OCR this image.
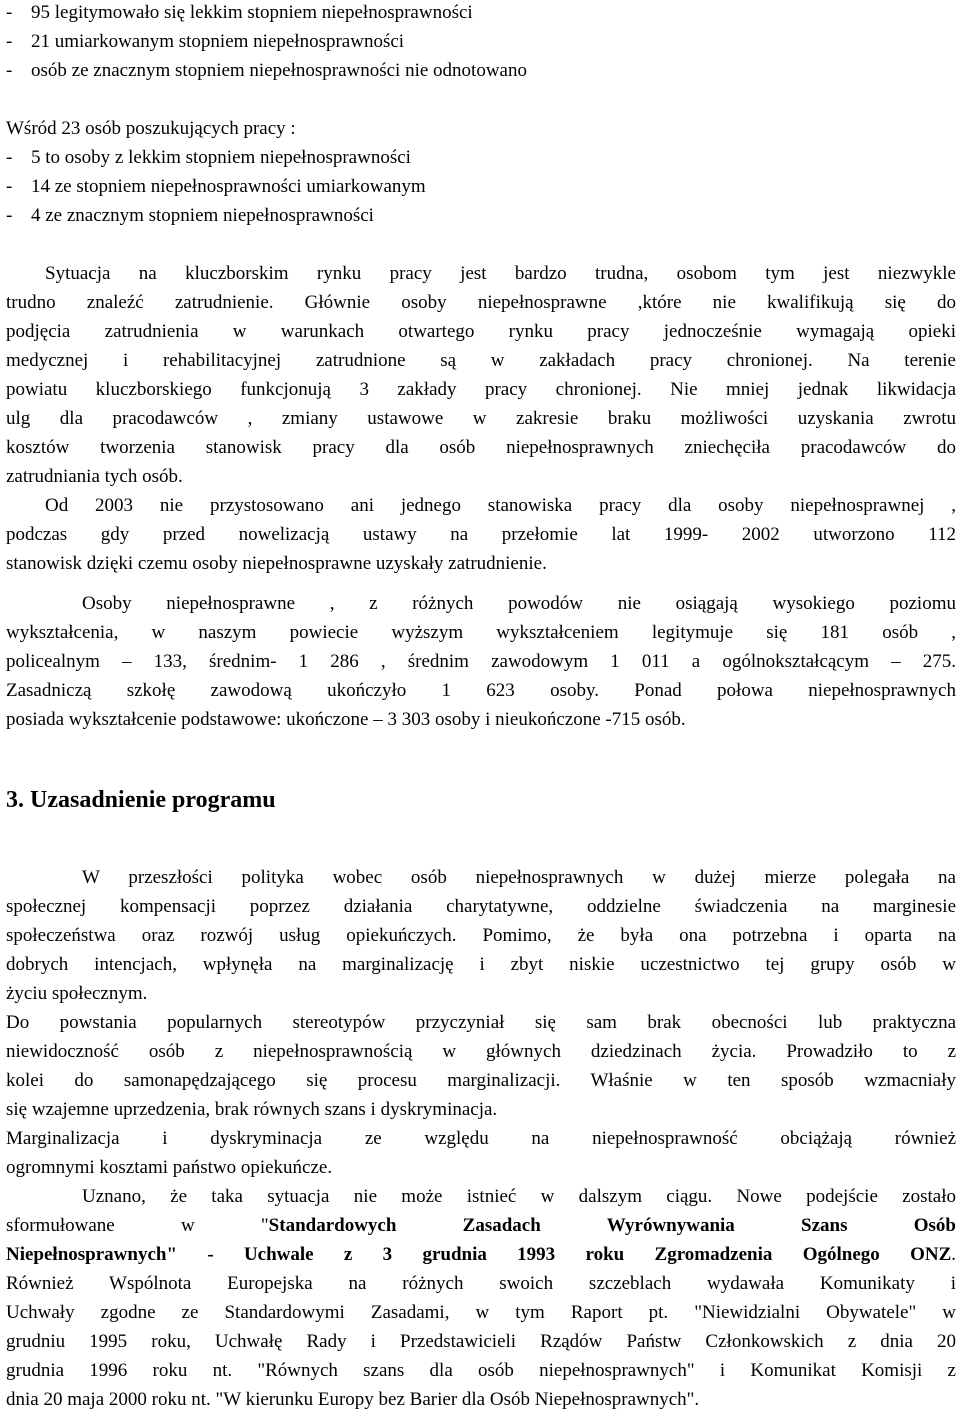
- 95 legitymowało się lekkim stopniem niepełnosprawności

- 21 umiarkowanym stopniem niepełnosprawności

- osób ze znacznym stopniem niepełnosprawności nie odnotowano

Wśród 23 osób poszukujących pracy :

- 5 to osoby z lekkim stopniem niepełnosprawności

- 14 ze stopniem niepełnosprawności umiarkowanym

- 4 ze znacznym stopniem niepełnosprawności

Sytuacja na kluczborskim rynku pracy jest bardzo trudna, osobom tym jest niezwykle

trudno znaleźć zatrudnienie. Głównie osoby niepełnosprawne ,które nie kwalifikują się do

podjęcia zatrudnienia w warunkach otwartego rynku pracy jednocześnie wymagają opieki

medycznej i rehabilitacyjnej zatrudnione są w zakładach pracy chronionej. Na terenie

powiatu kluczborskiego funkcjonują 3 zakłady pracy chronionej. Nie mniej jednak likwidacja

ulg dla pracodawców , zmiany ustawowe w zakresie braku możliwości uzyskania zwrotu

kosztów tworzenia stanowisk pracy dla osób niepełnosprawnych zniechęciła pracodawców do

zatrudniania tych osób.

Od 2003 nie przystosowano ani jednego stanowiska pracy dla osoby niepełnosprawnej ,

podczas gdy przed nowelizacją ustawy na przełomie lat 1999- 2002 utworzono 112

stanowisk dzięki czemu osoby niepełnosprawne uzyskały zatrudnienie.

Osoby niepełnosprawne , z różnych powodów nie osiągają wysokiego poziomu

wykształcenia, w naszym powiecie wyższym wykształceniem legitymuje się 181 osób ,

policealnym – 133, średnim- 1 286 , średnim zawodowym 1 011 a ogólnokształcącym – 275.

Zasadniczą szkołę zawodową ukończyło 1 623 osoby. Ponad połowa niepełnosprawnych

posiada wykształcenie podstawowe: ukończone – 3 303 osoby i nieukończone -715 osób.

3. Uzasadnienie programu

W przeszłości polityka wobec osób niepełnosprawnych w dużej mierze polegała na

społecznej kompensacji poprzez działania charytatywne, oddzielne świadczenia na marginesie

społeczeństwa oraz rozwój usług opiekuńczych. Pomimo, że była ona potrzebna i oparta na

dobrych intencjach, wpłynęła na marginalizację i zbyt niskie uczestnictwo tej grupy osób w

życiu społecznym.

Do powstania popularnych stereotypów przyczyniał się sam brak obecności lub praktyczna

niewidoczność osób z niepełnosprawnością w głównych dziedzinach życia. Prowadziło to z

kolei do samonapędzającego się procesu marginalizacji. Właśnie w ten sposób wzmacniały

się wzajemne uprzedzenia, brak równych szans i dyskryminacja.

Marginalizacja i dyskryminacja ze względu na niepełnosprawność obciążają również

ogromnymi kosztami państwo opiekuńcze.

Uznano, że taka sytuacja nie może istnieć w dalszym ciągu. Nowe podejście zostało

sformułowane w "Standardowych Zasadach Wyrównywania Szans Osób

Niepełnosprawnych" - Uchwale z 3 grudnia 1993 roku Zgromadzenia Ogólnego ONZ.

Również Wspólnota Europejska na różnych swoich szczeblach wydawała Komunikaty i

Uchwały zgodne ze Standardowymi Zasadami, w tym Raport pt. "Niewidzialni Obywatele" w

grudniu 1995 roku, Uchwałę Rady i Przedstawicieli Rządów Państw Członkowskich z dnia 20

grudnia 1996 roku nt. "Równych szans dla osób niepełnosprawnych" i Komunikat Komisji z

dnia 20 maja 2000 roku nt. "W kierunku Europy bez Barier dla Osób Niepełnosprawnych".
